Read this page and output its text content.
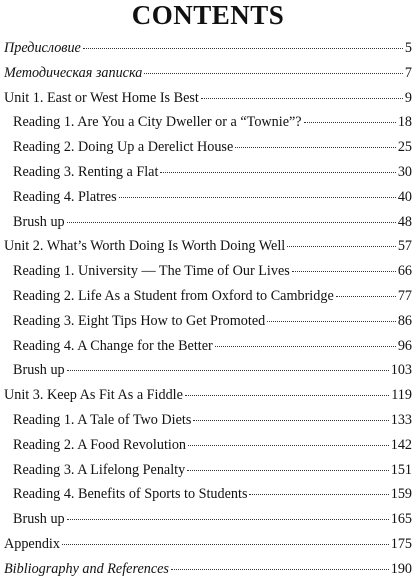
CONTENTS
Предисловие	5
Методическая записка	7
Unit 1. East or West Home Is Best	9
Reading 1. Are You a City Dweller or a “Townie”?	18
Reading 2. Doing Up a Derelict House	25
Reading 3. Renting a Flat	30
Reading 4. Platres	40
Brush up	48
Unit 2. What’s Worth Doing Is Worth Doing Well	57
Reading 1. University — The Time of Our Lives	66
Reading 2. Life As a Student from Oxford to Cambridge	77
Reading 3. Eight Tips How to Get Promoted	86
Reading 4. A Change for the Better	96
Brush up	103
Unit 3. Keep As Fit As a Fiddle	119
Reading 1. A Tale of Two Diets	133
Reading 2. A Food Revolution	142
Reading 3. A Lifelong Penalty	151
Reading 4. Benefits of Sports to Students	159
Brush up	165
Appendix	175
Bibliography and References	190
